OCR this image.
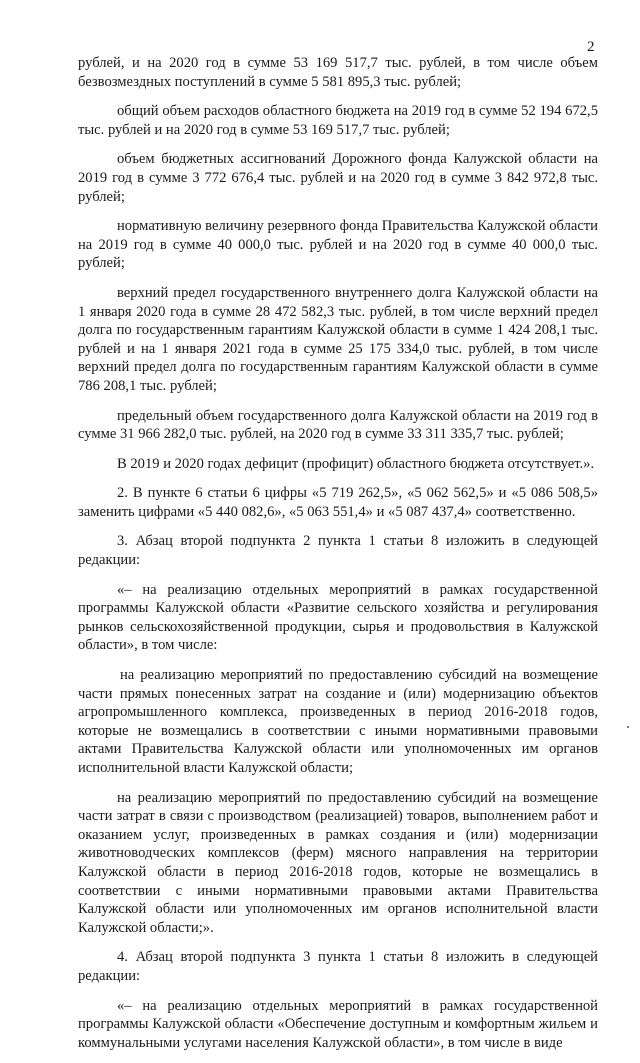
2

рублей, и на 2020 год в сумме 53 169 517,7 тыс. рублей, в том числе объем безвозмездных поступлений в сумме 5 581 895,3 тыс. рублей;

общий объем расходов областного бюджета на 2019 год в сумме 52 194 672,5 тыс. рублей и на 2020 год в сумме 53 169 517,7 тыс. рублей;

объем бюджетных ассигнований Дорожного фонда Калужской области на 2019 год в сумме 3 772 676,4 тыс. рублей и на 2020 год в сумме 3 842 972,8 тыс. рублей;

нормативную величину резервного фонда Правительства Калужской области на 2019 год в сумме 40 000,0 тыс. рублей и на 2020 год в сумме 40 000,0 тыс. рублей;

верхний предел государственного внутреннего долга Калужской области на 1 января 2020 года в сумме 28 472 582,3 тыс. рублей, в том числе верхний предел долга по государственным гарантиям Калужской области в сумме 1 424 208,1 тыс. рублей и на 1 января 2021 года в сумме 25 175 334,0 тыс. рублей, в том числе верхний предел долга по государственным гарантиям Калужской области в сумме 786 208,1 тыс. рублей;

предельный объем государственного долга Калужской области на 2019 год в сумме 31 966 282,0 тыс. рублей, на 2020 год в сумме 33 311 335,7 тыс. рублей;

В 2019 и 2020 годах дефицит (профицит) областного бюджета отсутствует.».

2. В пункте 6 статьи 6 цифры «5 719 262,5», «5 062 562,5» и «5 086 508,5» заменить цифрами «5 440 082,6», «5 063 551,4» и «5 087 437,4» соответственно.

3. Абзац второй подпункта 2 пункта 1 статьи 8 изложить в следующей редакции:

«– на реализацию отдельных мероприятий в рамках государственной программы Калужской области «Развитие сельского хозяйства и регулирования рынков сельскохозяйственной продукции, сырья и продовольствия в Калужской области», в том числе:

на реализацию мероприятий по предоставлению субсидий на возмещение части прямых понесенных затрат на создание и (или) модернизацию объектов агропромышленного комплекса, произведенных в период 2016-2018 годов, которые не возмещались в соответствии с иными нормативными правовыми актами Правительства Калужской области или уполномоченных им органов исполнительной власти Калужской области;

на реализацию мероприятий по предоставлению субсидий на возмещение части затрат в связи с производством (реализацией) товаров, выполнением работ и оказанием услуг, произведенных в рамках создания и (или) модернизации животноводческих комплексов (ферм) мясного направления на территории Калужской области в период 2016-2018 годов, которые не возмещались в соответствии с иными нормативными правовыми актами Правительства Калужской области или уполномоченных им органов исполнительной власти Калужской области;».

4. Абзац второй подпункта 3 пункта 1 статьи 8 изложить в следующей редакции:

«– на реализацию отдельных мероприятий в рамках государственной программы Калужской области «Обеспечение доступным и комфортным жильем и коммунальными услугами населения Калужской области», в том числе в виде
